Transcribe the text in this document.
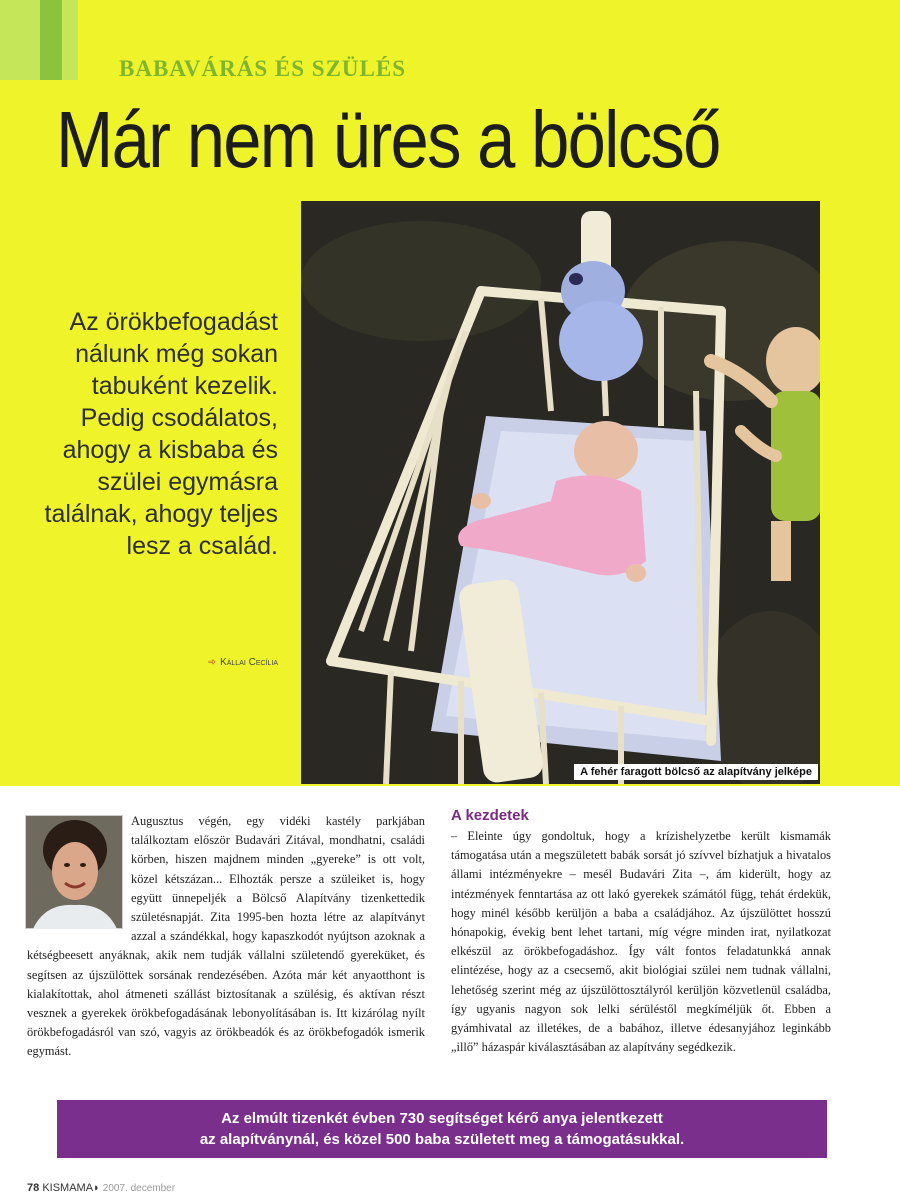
BABAVÁRÁS ÉS SZÜLÉS
Már nem üres a bölcső
Az örökbefogadást
nálunk még sokan
tabuként kezelik.
Pedig csodálatos,
ahogy a kisbaba és
szülei egymásra
találnak, ahogy teljes
lesz a család.
➾ Kállai Cecília
A fehér faragott bölcső az alapítvány jelképe

Augusztus végén, egy vidéki kastély parkjában találkoztam először Budavári Zitával, mondhatni, családi körben, hiszen majdnem minden „gyereke” is ott volt, közel kétszázan... Elhozták persze a szüleiket is, hogy együtt ünnepeljék a Bölcső Alapítvány tizenkettedik születésnapját. Zita 1995-ben hozta létre az alapítványt azzal a szándékkal, hogy kapaszkodót nyújtson azoknak a kétségbeesett anyáknak, akik nem tudják vállalni születendő gyereküket, és segítsen az újszülöttek sorsának rendezésében. Azóta már két anyaotthont is kialakítottak, ahol átmeneti szállást biztosítanak a szülésig, és aktívan részt vesznek a gyerekek örökbefogadásának lebonyolításában is. Itt kizárólag nyílt örökbefogadásról van szó, vagyis az örökbeadók és az örökbefogadók ismerik egymást.

A kezdetek

– Eleinte úgy gondoltuk, hogy a krízishelyzetbe került kismamák támogatása után a megszületett babák sorsát jó szívvel bízhatjuk a hivatalos állami intézményekre – mesél Budavári Zita –, ám kiderült, hogy az intézmények fenntartása az ott lakó gyerekek számától függ, tehát érdekük, hogy minél később kerüljön a baba a családjához. Az újszülöttet hosszú hónapokig, évekig bent lehet tartani, míg végre minden irat, nyilatkozat elkészül az örökbefogadáshoz. Így vált fontos feladatunkká annak elintézése, hogy az a csecsemő, akit biológiai szülei nem tudnak vállalni, lehetőség szerint még az újszülöttosztályról kerüljön közvetlenül családba, így ugyanis nagyon sok lelki sérüléstől megkíméljük őt. Ebben a gyámhivatal az illetékes, de a babához, illetve édesanyjához leginkább „illő” házaspár kiválasztásában az alapítvány segédkezik.

Az elmúlt tizenkét évben 730 segítséget kérő anya jelentkezett
az alapítványnál, és közel 500 baba született meg a támogatásukkal.
78 KISMAMA◗ 2007. december
